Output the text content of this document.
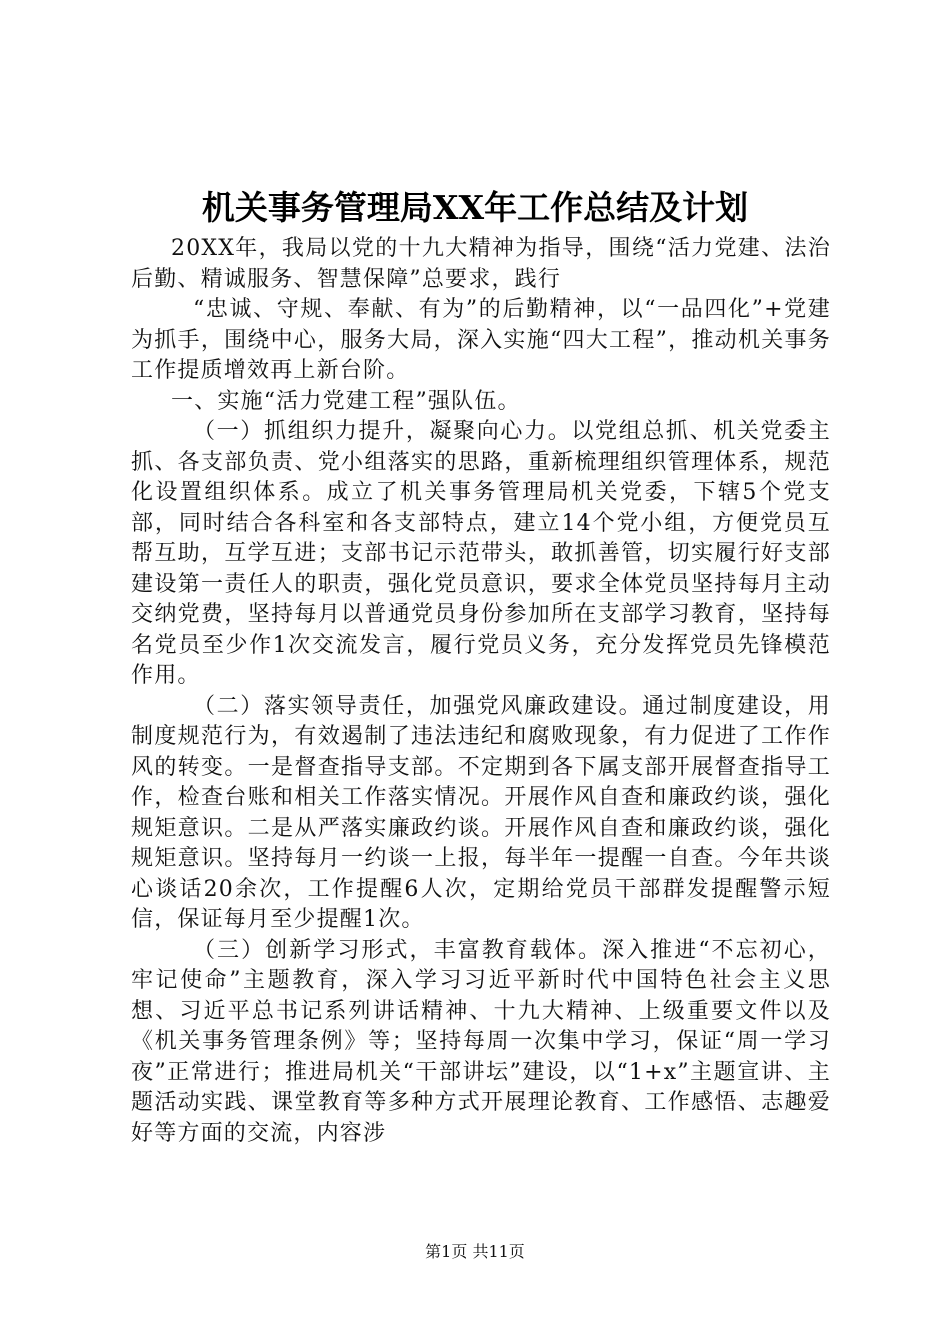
机关事务管理局XX年工作总结及计划

20XX年，我局以党的十九大精神为指导，围绕“活力党建、法治后勤、精诚服务、智慧保障”总要求，践行

“忠诚、守规、奉献、有为”的后勤精神，以“一品四化”+党建为抓手，围绕中心，服务大局，深入实施“四大工程”，推动机关事务工作提质增效再上新台阶。

一、实施“活力党建工程”强队伍。

（一）抓组织力提升，凝聚向心力。以党组总抓、机关党委主抓、各支部负责、党小组落实的思路，重新梳理组织管理体系，规范化设置组织体系。成立了机关事务管理局机关党委，下辖5个党支部，同时结合各科室和各支部特点，建立14个党小组，方便党员互帮互助，互学互进；支部书记示范带头，敢抓善管，切实履行好支部建设第一责任人的职责，强化党员意识，要求全体党员坚持每月主动交纳党费，坚持每月以普通党员身份参加所在支部学习教育，坚持每名党员至少作1次交流发言，履行党员义务，充分发挥党员先锋模范作用。

（二）落实领导责任，加强党风廉政建设。通过制度建设，用制度规范行为，有效遏制了违法违纪和腐败现象，有力促进了工作作风的转变。一是督查指导支部。不定期到各下属支部开展督查指导工作，检查台账和相关工作落实情况。开展作风自查和廉政约谈，强化规矩意识。二是从严落实廉政约谈。开展作风自查和廉政约谈，强化规矩意识。坚持每月一约谈一上报，每半年一提醒一自查。今年共谈心谈话20余次，工作提醒6人次，定期给党员干部群发提醒警示短信，保证每月至少提醒1次。

（三）创新学习形式，丰富教育载体。深入推进“不忘初心，牢记使命”主题教育，深入学习习近平新时代中国特色社会主义思想、习近平总书记系列讲话精神、十九大精神、上级重要文件以及《机关事务管理条例》等；坚持每周一次集中学习，保证“周一学习夜”正常进行；推进局机关“干部讲坛”建设，以“1+x”主题宣讲、主题活动实践、课堂教育等多种方式开展理论教育、工作感悟、志趣爱好等方面的交流，内容涉

第1页 共11页
